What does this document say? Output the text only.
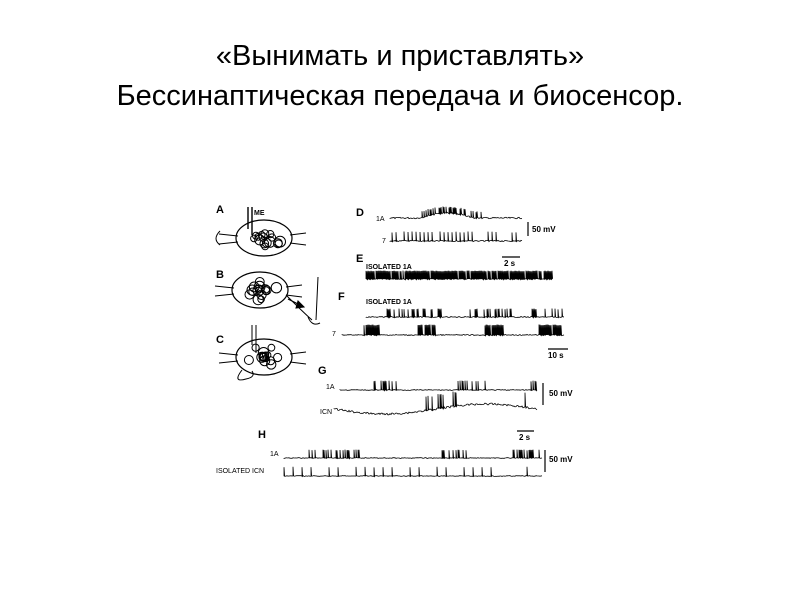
«Вынимать и приставлять»
Бессинаптическая передача и биосенсор.
A
B
C
D
E
F
G
H
ME
1A
7
ISOLATED 1A
ISOLATED 1A
7
1A
ICN
1A
ISOLATED ICN
50 mV
2 s
10 s
50 mV
2 s
50 mV
